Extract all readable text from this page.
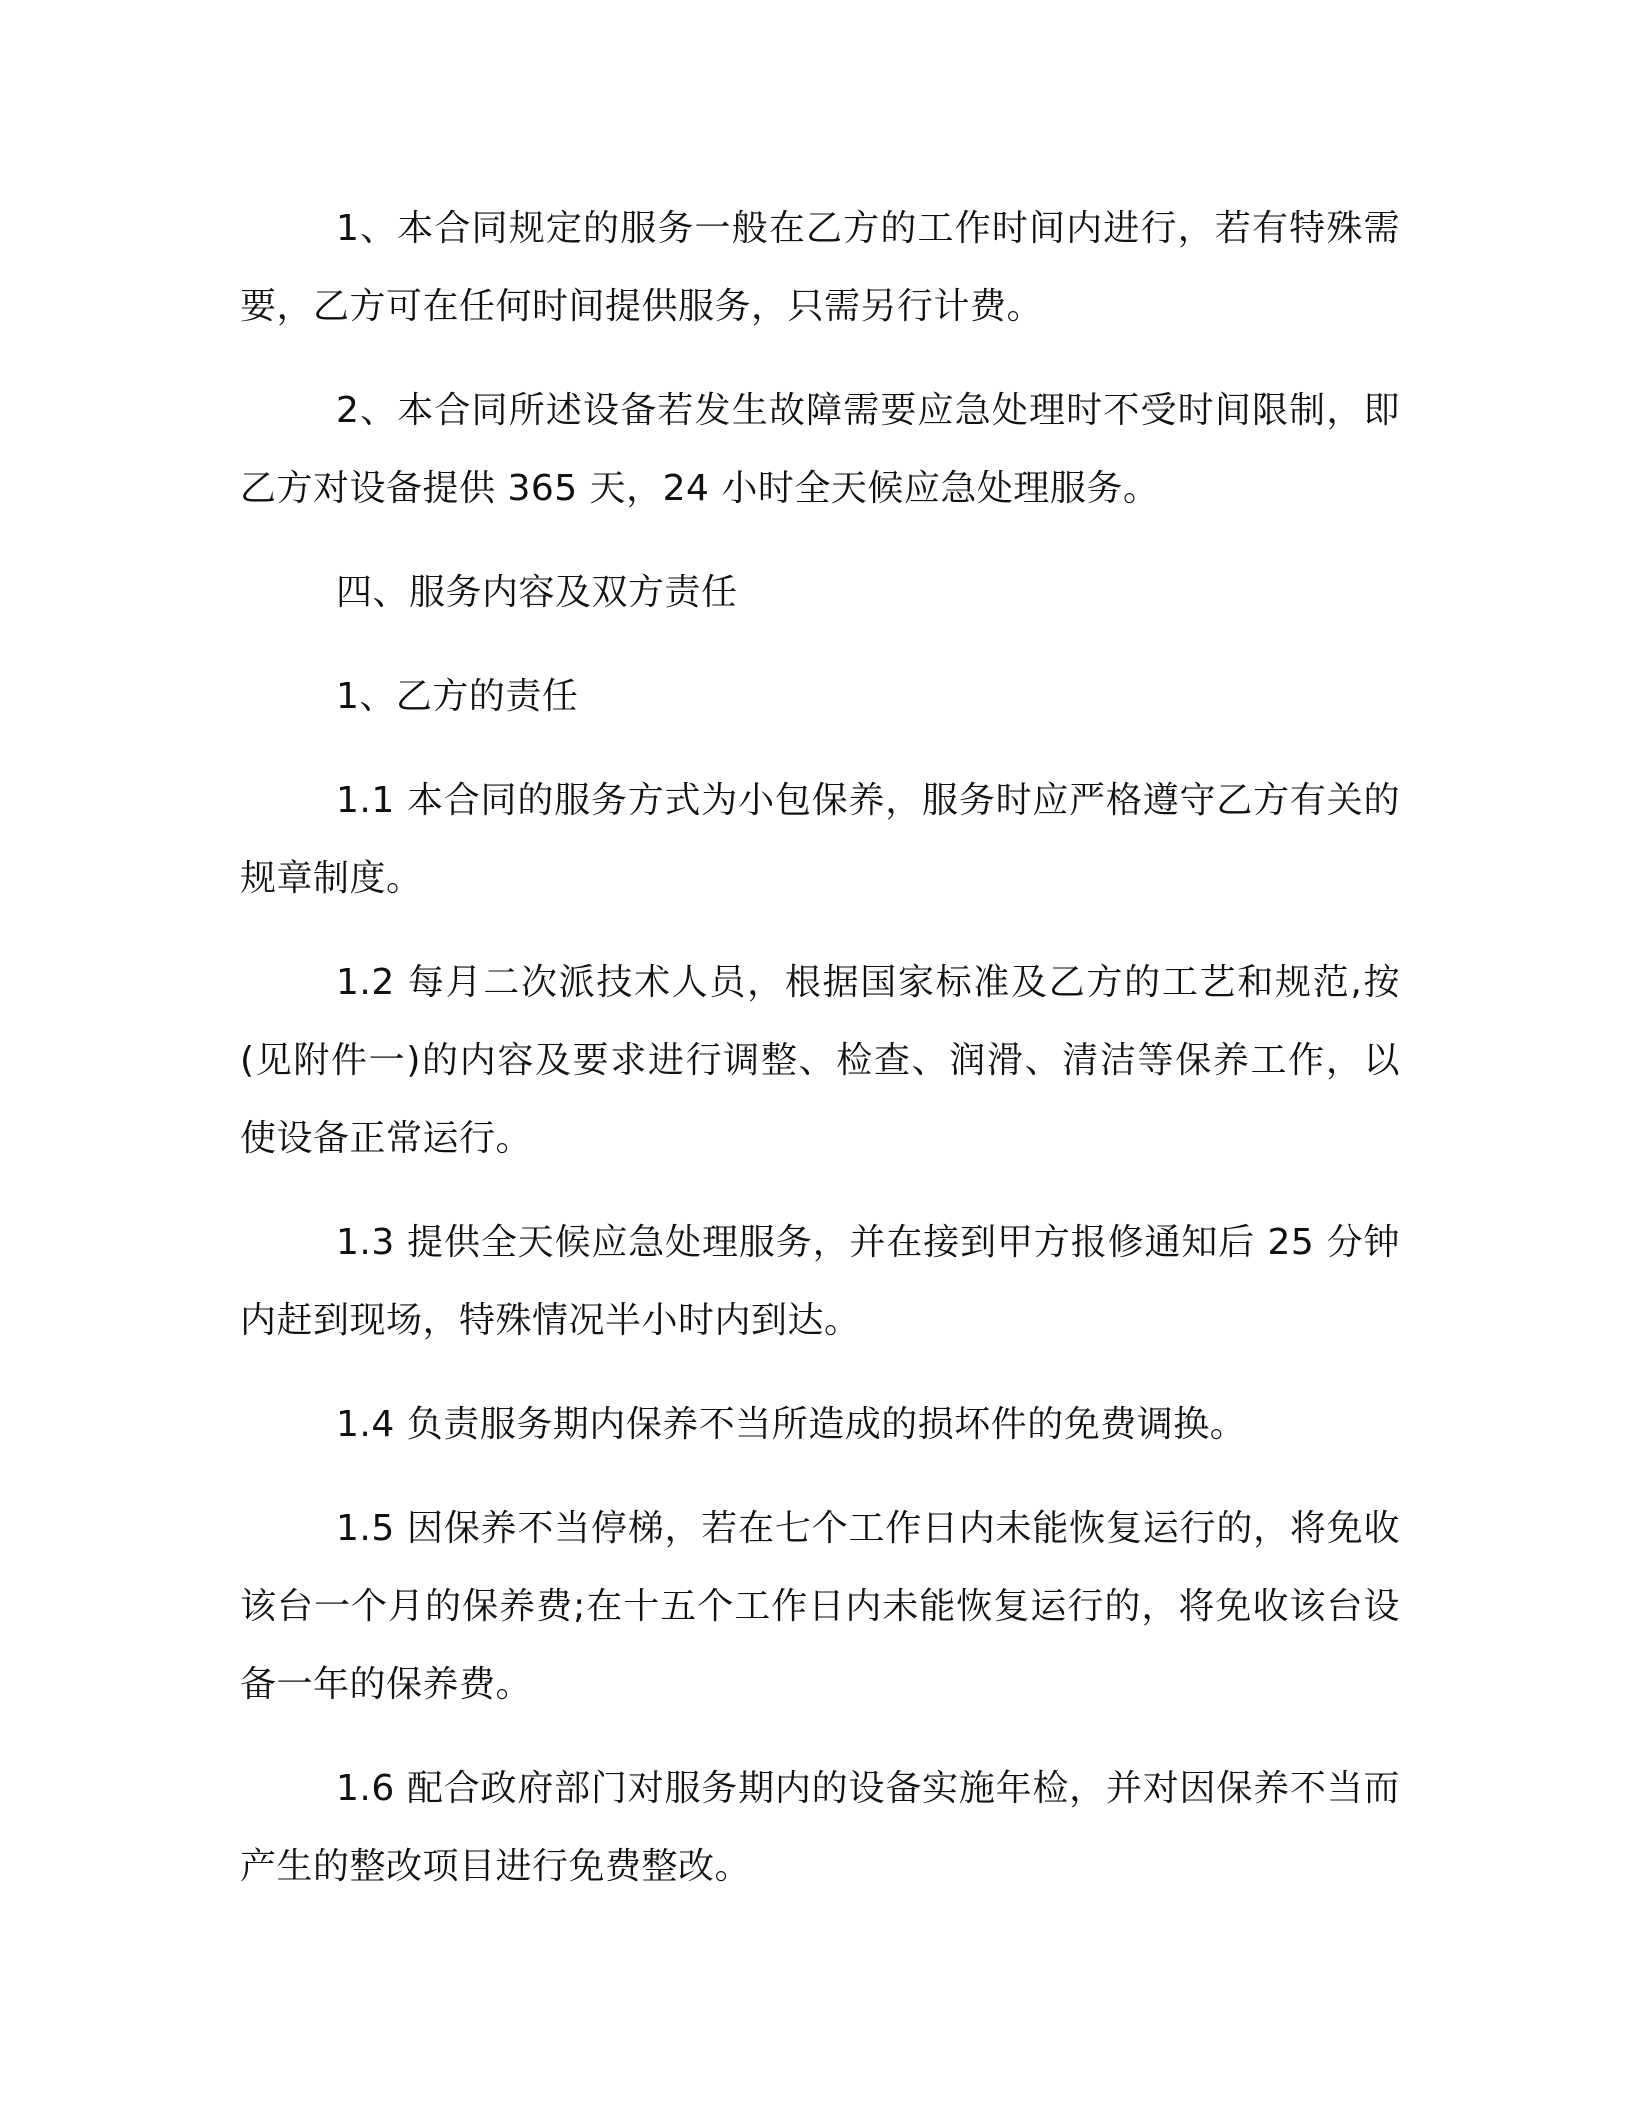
1、本合同规定的服务一般在乙方的工作时间内进行，若有特殊需要，乙方可在任何时间提供服务，只需另行计费。

2、本合同所述设备若发生故障需要应急处理时不受时间限制，即乙方对设备提供 365 天，24 小时全天候应急处理服务。

四、服务内容及双方责任

1、乙方的责任

1.1 本合同的服务方式为小包保养，服务时应严格遵守乙方有关的规章制度。

1.2 每月二次派技术人员，根据国家标准及乙方的工艺和规范,按(见附件一)的内容及要求进行调整、检查、润滑、清洁等保养工作，以使设备正常运行。

1.3 提供全天候应急处理服务，并在接到甲方报修通知后 25 分钟内赶到现场，特殊情况半小时内到达。

1.4 负责服务期内保养不当所造成的损坏件的免费调换。

1.5 因保养不当停梯，若在七个工作日内未能恢复运行的，将免收该台一个月的保养费;在十五个工作日内未能恢复运行的，将免收该台设备一年的保养费。

1.6 配合政府部门对服务期内的设备实施年检，并对因保养不当而产生的整改项目进行免费整改。
